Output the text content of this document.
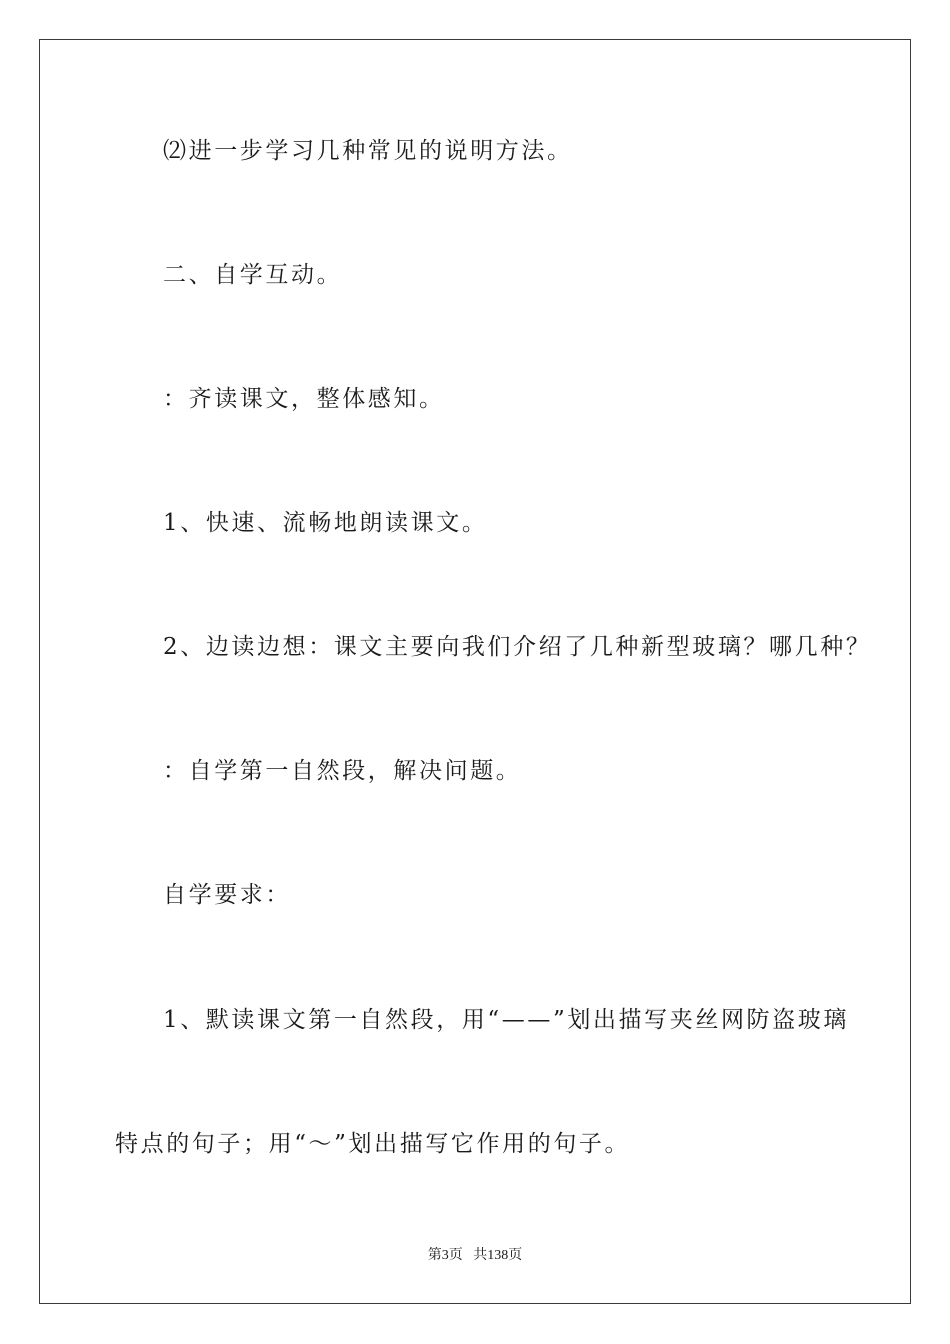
⑵进一步学习几种常见的说明方法。

二、自学互动。

：齐读课文，整体感知。

1、快速、流畅地朗读课文。

2、边读边想：课文主要向我们介绍了几种新型玻璃？哪几种？

：自学第一自然段，解决问题。

自学要求：

1、默读课文第一自然段，用“——”划出描写夹丝网防盗玻璃

特点的句子；用“～”划出描写它作用的句子。

第3页 共138页
